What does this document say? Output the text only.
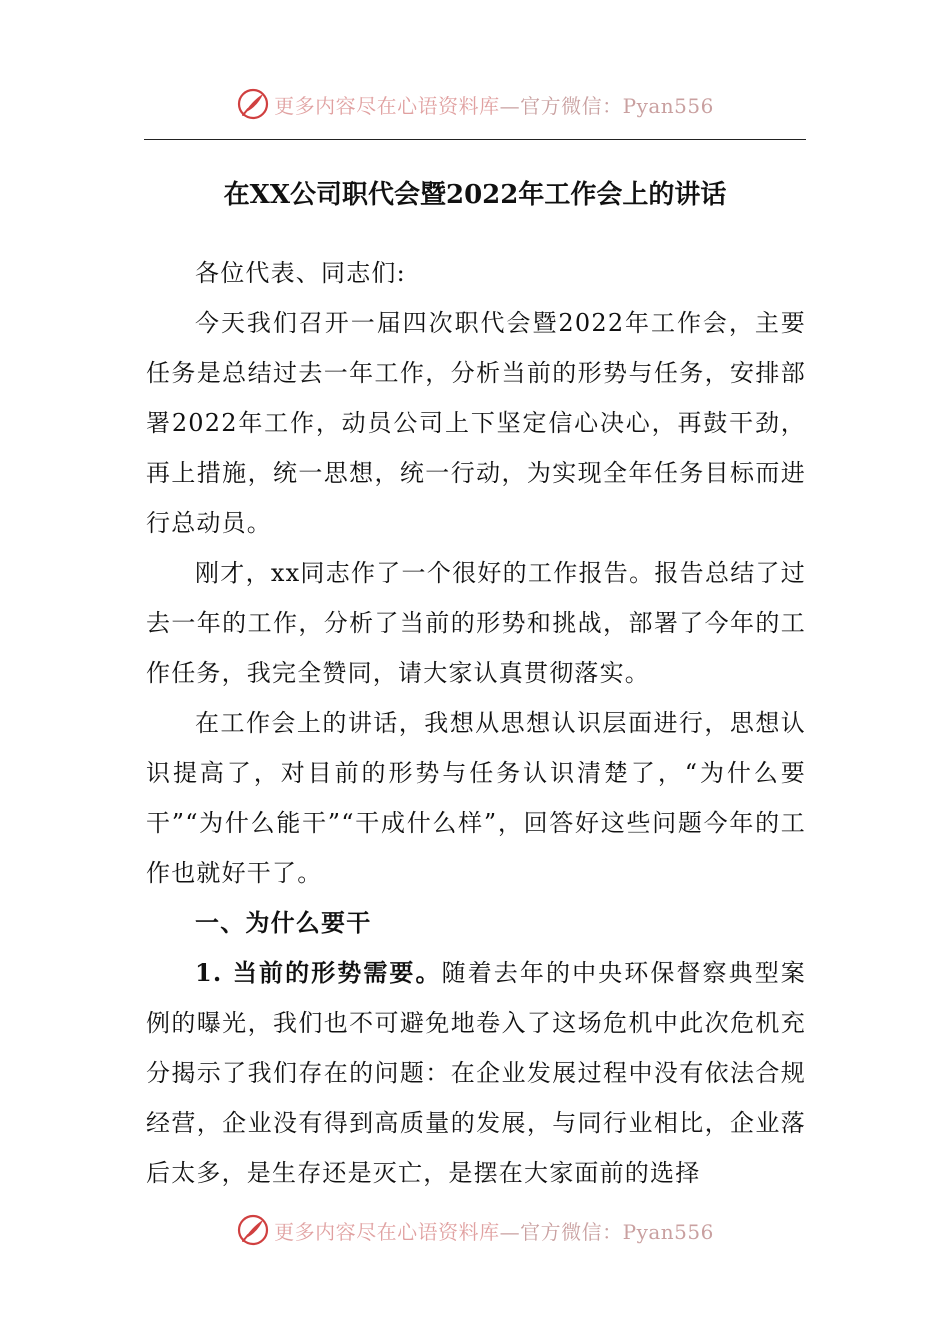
更多内容尽在心语资料库—官方微信：Pyan556
在XX公司职代会暨2022年工作会上的讲话

各位代表、同志们:

今天我们召开一届四次职代会暨2022年工作会，主要任务是总结过去一年工作，分析当前的形势与任务，安排部署2022年工作，动员公司上下坚定信心决心，再鼓干劲，再上措施，统一思想，统一行动，为实现全年任务目标而进行总动员。

刚才，xx同志作了一个很好的工作报告。报告总结了过去一年的工作，分析了当前的形势和挑战，部署了今年的工作任务，我完全赞同，请大家认真贯彻落实。

在工作会上的讲话，我想从思想认识层面进行，思想认识提高了，对目前的形势与任务认识清楚了，“为什么要干”“为什么能干”“干成什么样”，回答好这些问题今年的工作也就好干了。

一、为什么要干

1. 当前的形势需要。随着去年的中央环保督察典型案例的曝光，我们也不可避免地卷入了这场危机中此次危机充分揭示了我们存在的问题：在企业发展过程中没有依法合规经营，企业没有得到高质量的发展，与同行业相比，企业落后太多，是生存还是灭亡，是摆在大家面前的选择

更多内容尽在心语资料库—官方微信：Pyan556
